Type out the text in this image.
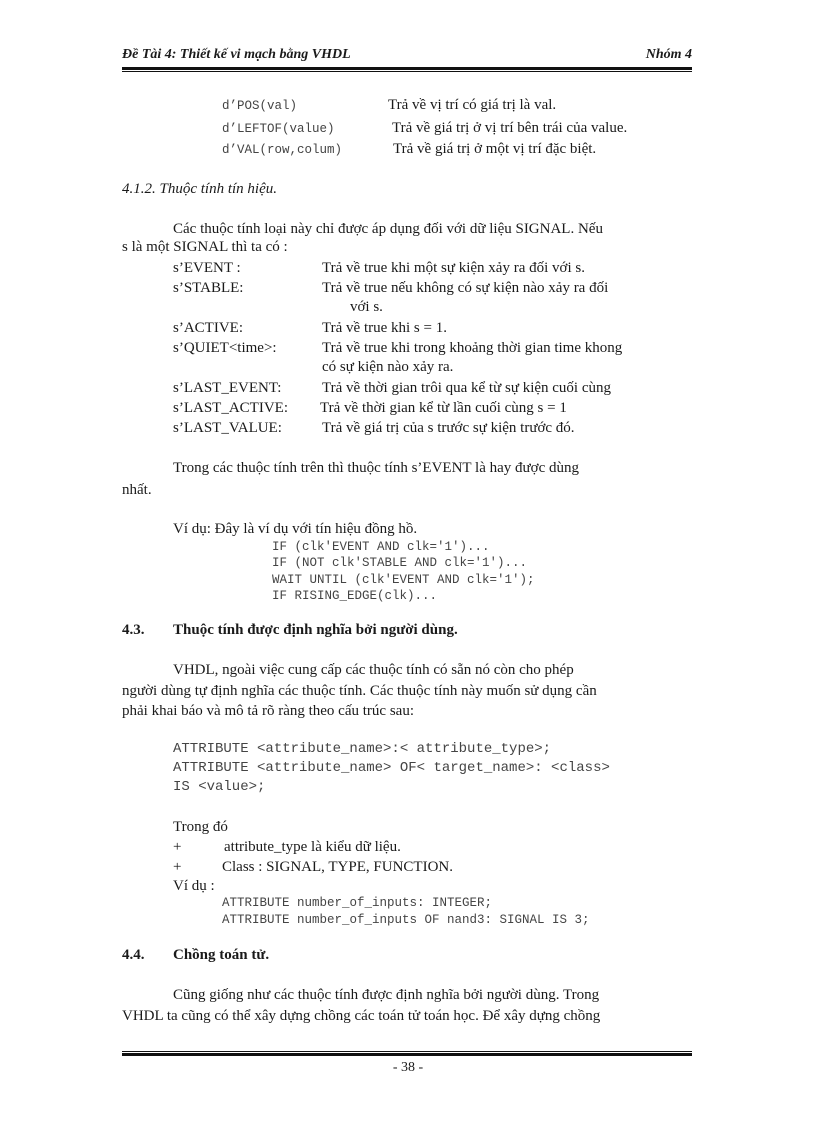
Đề Tài 4: Thiết kế vi mạch bằng VHDL	Nhóm 4
d’POS(val)	Trả về vị trí có giá trị là val.
d’LEFTOF(value)	Trả về giá trị ở vị trí bên trái của value.
d’VAL(row,colum)	Trả về giá trị ở một vị trí đặc biệt.
4.1.2. Thuộc tính tín hiệu.
Các thuộc tính loại này chỉ được áp dụng đối với dữ liệu SIGNAL. Nếu
s là một SIGNAL thì ta có :
s’EVENT :	Trả về true khi một sự kiện xảy ra đối với s.
s’STABLE:	Trả về true nếu không có sự kiện nào xảy ra đối
với s.
s’ACTIVE:	Trả về true khi s = 1.
s’QUIET<time>:	Trả về true khi trong khoảng thời gian time khong
có sự kiện nào xảy ra.
s’LAST_EVENT:	Trả về thời gian trôi qua kể từ sự kiện cuối cùng
s’LAST_ACTIVE: Trả về thời gian kể từ lần cuối cùng s = 1
s’LAST_VALUE:	Trả về giá trị của s trước sự kiện trước đó.
Trong các thuộc tính trên thì thuộc tính s’EVENT là hay được dùng
nhất.
Ví dụ: Đây là ví dụ với tín hiệu đồng hồ.
IF (clk'EVENT AND clk='1')...
IF (NOT clk'STABLE AND clk='1')...
WAIT UNTIL (clk'EVENT AND clk='1');
IF RISING_EDGE(clk)...
4.3. Thuộc tính được định nghĩa bởi người dùng.
VHDL, ngoài việc cung cấp các thuộc tính có sẵn nó còn cho phép
người dùng tự định nghĩa các thuộc tính. Các thuộc tính này muốn sử dụng cần
phải khai báo và mô tả rõ ràng theo cấu trúc sau:
ATTRIBUTE <attribute_name>:< attribute_type>;
ATTRIBUTE <attribute_name> OF< target_name>: <class>
IS <value>;
Trong đó
+	attribute_type là kiểu dữ liệu.
+	Class : SIGNAL, TYPE, FUNCTION.
Ví dụ :
ATTRIBUTE number_of_inputs: INTEGER;
ATTRIBUTE number_of_inputs OF nand3: SIGNAL IS 3;
4.4. Chồng toán tử.
Cũng giống như các thuộc tính được định nghĩa bởi người dùng. Trong
VHDL ta cũng có thể xây dựng chồng các toán tử toán học. Để xây dựng chồng
- 38 -
